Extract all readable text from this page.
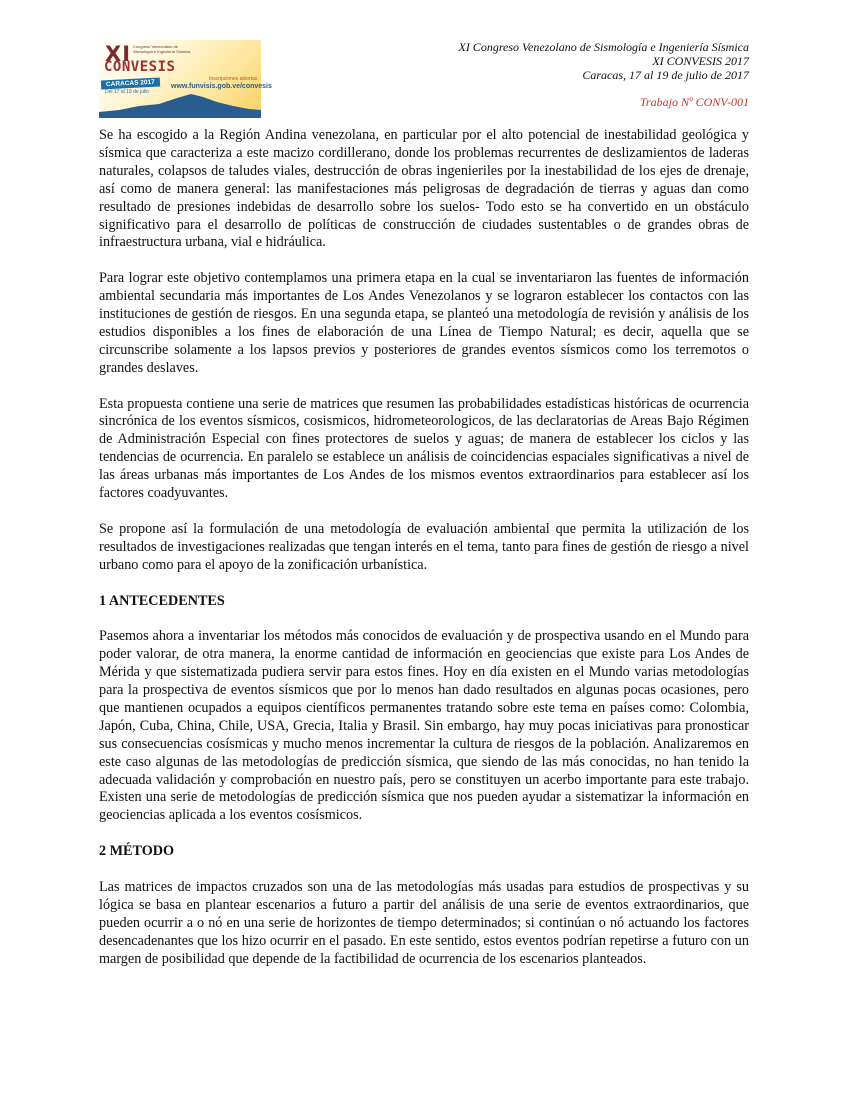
XI Congreso Venezolano de Sismología e Ingeniería Sísmica
CONVESIS
CARACAS 2017
Del 17 al 19 de julio
Inscripciones abiertas
www.funvisis.gob.ve/convesis
XI Congreso Venezolano de Sismología e Ingeniería Sísmica
XI CONVESIS 2017
Caracas, 17 al 19 de julio de 2017
Trabajo Nº CONV-001

Se ha escogido a la Región Andina venezolana, en particular por el alto potencial de inestabilidad geológica y sísmica que caracteriza a este macizo cordillerano, donde los problemas recurrentes de deslizamientos de laderas naturales, colapsos de taludes viales, destrucción de obras ingenieriles por la inestabilidad de los ejes de drenaje, así como de manera general: las manifestaciones más peligrosas de degradación de tierras y aguas dan como resultado de presiones indebidas de desarrollo sobre los suelos- Todo esto se ha convertido en un obstáculo significativo para el desarrollo de políticas de construcción de ciudades sustentables o de grandes obras de infraestructura urbana, vial e hidráulica.

Para lograr este objetivo contemplamos una primera etapa en la cual se inventariaron las fuentes de información ambiental secundaria más importantes de Los Andes Venezolanos y se lograron establecer los contactos con las instituciones de gestión de riesgos. En una segunda etapa, se planteó una metodología de revisión y análisis de los estudios disponibles a los fines de elaboración de una Línea de Tiempo Natural; es decir, aquella que se circunscribe solamente a los lapsos previos y posteriores de grandes eventos sísmicos como los terremotos o grandes deslaves.

Esta propuesta contiene una serie de matrices que resumen las probabilidades estadísticas históricas de ocurrencia sincrónica de los eventos sísmicos, cosismicos, hidrometeorologicos, de las declaratorias de Areas Bajo Régimen de Administración Especial con fines protectores de suelos y aguas; de manera de establecer los ciclos y las tendencias de ocurrencia. En paralelo se establece un análisis de coincidencias espaciales significativas a nivel de las áreas urbanas más importantes de Los Andes de los mismos eventos extraordinarios para establecer así los factores coadyuvantes.

Se propone así la formulación de una metodología de evaluación ambiental que permita la utilización de los resultados de investigaciones realizadas que tengan interés en el tema, tanto para fines de gestión de riesgo a nivel urbano como para el apoyo de la zonificación urbanística.

1 ANTECEDENTES

Pasemos ahora a inventariar los métodos más conocidos de evaluación y de prospectiva usando en el Mundo para poder valorar, de otra manera, la enorme cantidad de información en geociencias que existe para Los Andes de Mérida y que sistematizada pudiera servir para estos fines. Hoy en día existen en el Mundo varias metodologías para la prospectiva de eventos sísmicos que por lo menos han dado resultados en algunas pocas ocasiones, pero que mantienen ocupados a equipos científicos permanentes tratando sobre este tema en países como: Colombia, Japón, Cuba, China, Chile, USA, Grecia, Italia y Brasil. Sin embargo, hay muy pocas iniciativas para pronosticar sus consecuencias cosísmicas y mucho menos incrementar la cultura de riesgos de la población. Analizaremos en este caso algunas de las metodologías de predicción sísmica, que siendo de las más conocidas, no han tenido la adecuada validación y comprobación en nuestro país, pero se constituyen un acerbo importante para este trabajo. Existen una serie de metodologías de predicción sísmica que nos pueden ayudar a sistematizar la información en geociencias aplicada a los eventos cosísmicos.

2 MÉTODO

Las matrices de impactos cruzados son una de las metodologías más usadas para estudios de prospectivas y su lógica se basa en plantear escenarios a futuro a partir del análisis de una serie de eventos extraordinarios, que pueden ocurrir a o nó en una serie de horizontes de tiempo determinados; si continúan o nó actuando los factores desencadenantes que los hizo ocurrir en el pasado. En este sentido, estos eventos podrían repetirse a futuro con un margen de posibilidad que depende de la factibilidad de ocurrencia de los escenarios planteados.
